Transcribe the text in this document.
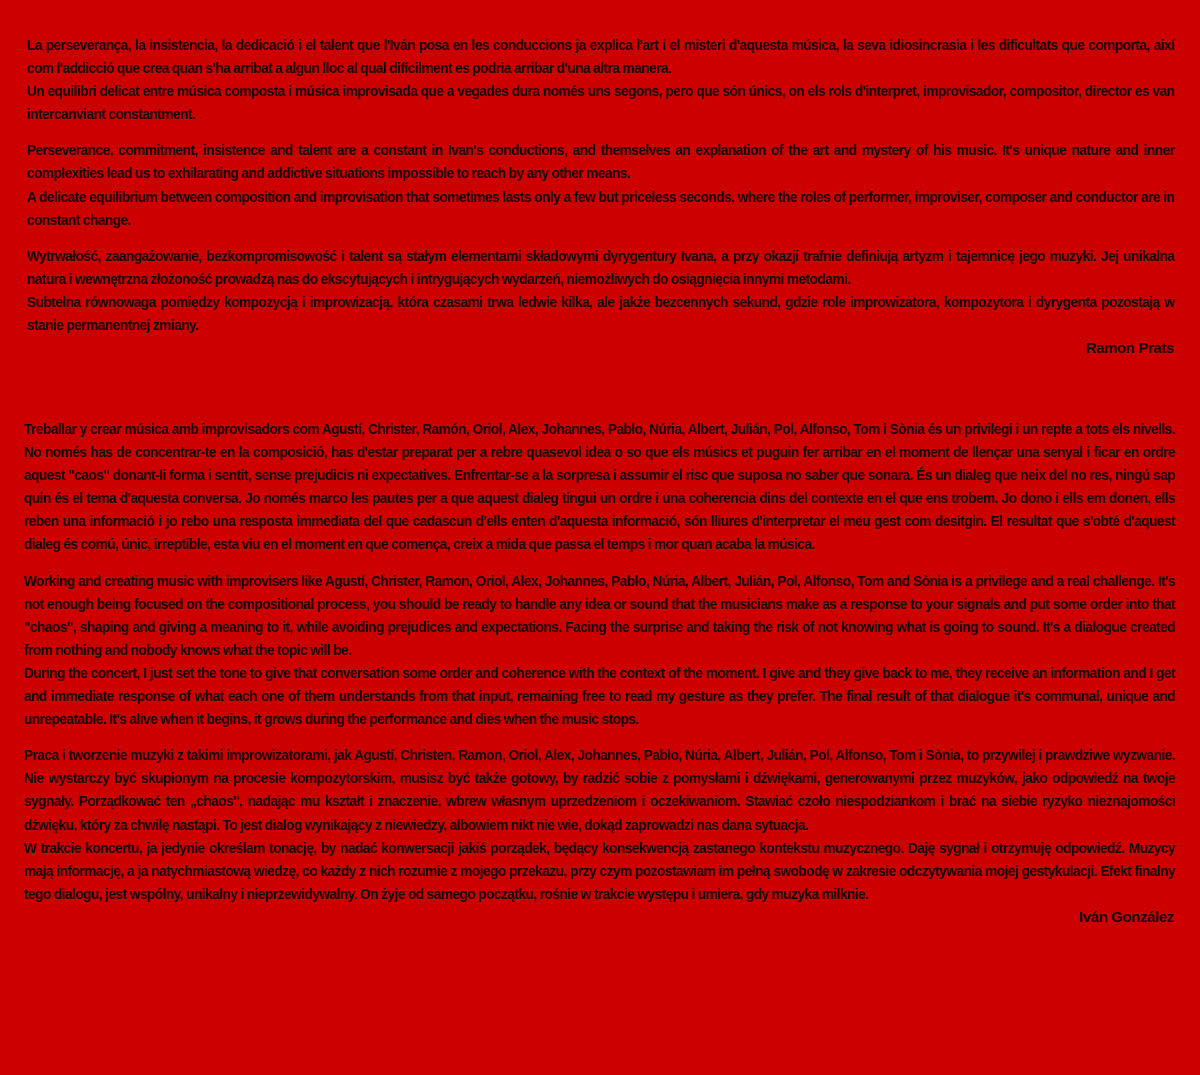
La perseverança, la insistencia, la dedicació i el talent que l'Iván posa en les conduccions ja explica l'art i el misteri d'aquesta música, la seva idiosincrasia i les dificultats que comporta, així com l'addicció que crea quan s'ha arribat a algun lloc al qual difícilment es podria arribar d'una altra manera.

Un equilibri delicat entre música composta i música improvisada que a vegades dura només uns segons, pero que són únics, on els rols d'interpret, improvisador, compositor, director es van intercanviant constantment.

Perseverance, commitment, insistence and talent are a constant in Ivan's conductions, and themselves an explanation of the art and mystery of his music. It's unique nature and inner complexities lead us to exhilarating and addictive situations impossible to reach by any other means.

A delicate equilibrium between composition and improvisation that sometimes lasts only a few but priceless seconds, where the roles of performer, improviser, composer and conductor are in constant change.

Wytrwałość, zaangażowanie, bezkompromisowość i talent są stałym elementami składowymi dyrygentury Ivana, a przy okazji trafnie definiują artyzm i tajemnicę jego muzyki. Jej unikalna natura i wewnętrzna złożoność prowadzą nas do ekscytujących i intrygujących wydarzeń, niemożliwych do osiągnięcia innymi metodami.

Subtelna równowaga pomiędzy kompozycją i improwizacją, która czasami trwa ledwie kilka, ale jakże bezcennych sekund, gdzie role improwizatora, kompozytora i dyrygenta pozostają w stanie permanentnej zmiany.

Ramon Prats

Treballar y crear música amb improvisadors com Agustí, Christer, Ramón, Oriol, Alex, Johannes, Pablo, Núria, Albert, Julián, Pol, Alfonso, Tom i Sònia és un privilegi i un repte a tots els nivells. No només has de concentrar-te en la composició, has d'estar preparat per a rebre quasevol idea o so que els músics et puguin fer arribar en el moment de llençar una senyal i ficar en ordre aquest "caos" donant-li forma i sentit, sense prejudicis ni expectatives. Enfrentar-se a la sorpresa i assumir el risc que suposa no saber que sonara. És un dialeg que neix del no res, ningú sap quin és el tema d'aquesta conversa. Jo només marco les pautes per a que aquest dialeg tingui un ordre i una coherencia dins del contexte en el que ens trobem. Jo dono i ells em donen, ells reben una informació i jo rebo una resposta immediata del que cadascun d'ells enten d'aquesta informació, són lliures d'interpretar el meu gest com desitgin. El resultat que s'obté d'aquest dialeg és comú, únic, irreptible, esta viu en el moment en que comença, creix a mida que passa el temps i mor quan acaba la música.

Working and creating music with improvisers like Agustí, Christer, Ramon, Oriol, Alex, Johannes, Pablo, Núria, Albert, Julián, Pol, Alfonso, Tom and Sònia is a privilege and a real challenge. It's not enough being focused on the compositional process, you should be ready to handle any idea or sound that the musicians make as a response to your signals and put some order into that "chaos", shaping and giving a meaning to it, while avoiding prejudices and expectations. Facing the surprise and taking the risk of not knowing what is going to sound. It's a dialogue created from nothing and nobody knows what the topic will be.

During the concert, I just set the tone to give that conversation some order and coherence with the context of the moment. I give and they give back to me, they receive an information and I get and immediate response of what each one of them understands from that input, remaining free to read my gesture as they prefer. The final result of that dialogue it's communal, unique and unrepeatable. It's alive when it begins, it grows during the performance and dies when the music stops.

Praca i tworzenie muzyki z takimi improwizatorami, jak Agustí, Christen, Ramon, Oriol, Alex, Johannes, Pablo, Núria, Albert, Julián, Pol, Alfonso, Tom i Sònia, to przywilej i prawdziwe wyzwanie. Nie wystarczy być skupionym na procesie kompozytorskim, musisz być także gotowy, by radzić sobie z pomysłami i dźwiękami, generowanymi przez muzyków, jako odpowiedź na twoje sygnały. Porządkować ten „chaos", nadając mu kształt i znaczenie, wbrew własnym uprzedzeniom i oczekiwaniom. Stawiać czoło niespodziankom i brać na siebie ryzyko nieznajomości dźwięku, który za chwilę nastąpi. To jest dialog wynikający z niewiedzy, albowiem nikt nie wie, dokąd zaprowadzi nas dana sytuacja.

W trakcie koncertu, ja jedynie określam tonację, by nadać konwersacji jakiś porządek, będący konsekwencją zastanego kontekstu muzycznego. Daję sygnał i otrzymuję odpowiedź. Muzycy mają informację, a ja natychmiastową wiedzę, co każdy z nich rozumie z mojego przekazu, przy czym pozostawiam im pełną swobodę w zakresie odczytywania mojej gestykulacji. Efekt finalny tego dialogu, jest wspólny, unikalny i nieprzewidywalny. On żyje od samego początku, rośnie w trakcie występu i umiera, gdy muzyka milknie.

Iván González
